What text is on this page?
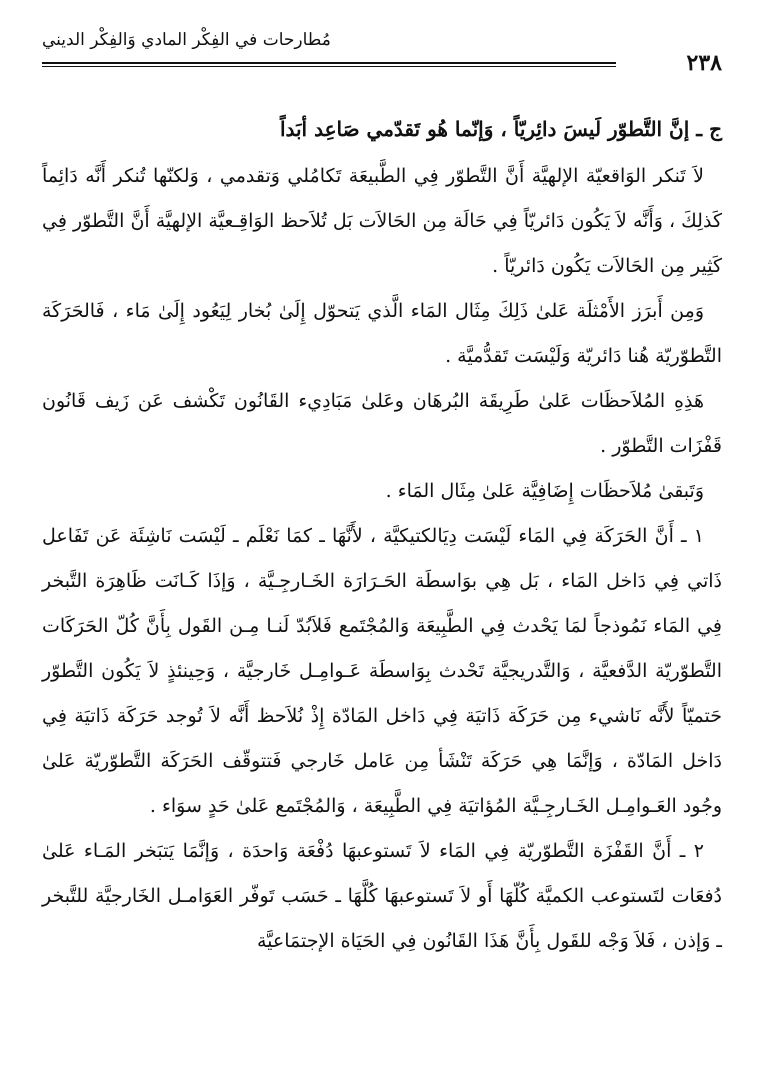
مُطارحات في الفِكْر المادي وَالفِكْر الديني
٢٣٨

ج ـ إنَّ التَّطوّر لَيسَ دائِريّاً ، وَإنّما هُو تَقدّمي صَاعِد أبَداً

لاَ تَنكر الوَاقعيّة الإلهيَّة أَنَّ التَّطوّر فِي الطَّبيعَة تَكامُلي وَتقدمي ، وَلكنّها تُنكر أَنَّه دَائِماً كَذلِكَ ، وَأَنَّه لاَ يَكُون دَائريّاً فِي حَالَة مِن الحَالاَت بَل تُلاَحظ الوَاقِـعيَّة الإلهيَّة أَنَّ التَّطوّر فِي كَثِير مِن الحَالاَت يَكُون دَائريّاً .

وَمِن أَبرَز الأَمْثلَة عَلىٰ ذَلِكَ مِثَال المَاء الَّذي يَتحوّل إِلَىٰ بُخار لِيَعُود إِلَىٰ مَاء ، فَالحَرَكَة التَّطوّريّة هُنا دَائريّة وَلَيْسَت تَقدُّميَّة .

هَذِهِ المُلاَحظَات عَلىٰ طَرِيقَة البُرهَان وعَلىٰ مَبَادِيء القَانُون تَكْشف عَن زَيف قَانُون قَفْزَات التَّطوّر .

وَتَبقىٰ مُلاَحظَات إِضَافِيَّة عَلىٰ مِثَال المَاء .

١ ـ أَنَّ الحَرَكَة فِي المَاء لَيْسَت دِيَالكتيكيَّة ، لأَنَّهَا ـ كمَا نَعْلَم ـ لَيْسَت نَاشِئَة عَن تَفَاعل ذَاتي فِي دَاخل المَاء ، بَل هِي بوَاسطَة الحَـرَارَة الخَـارجِـيَّة ، وَإذَا كَـانَت ظَاهِرَة التَّبخر فِي المَاء نَمُوذجاً لمَا يَحْدث فِي الطَّبِيعَة وَالمُجْتَمع فَلاَبُدّ لَنـا مِـن القَول بِأَنَّ كُلّ الحَرَكَات التَّطوّريّة الدَّفعيَّة ، وَالتَّدريجيَّة تَحْدث بِوَاسطَة عَـوامِـل خَارجيَّة ، وَحِينئذٍ لاَ يَكُون التَّطوّر حَتميّاً لأَنَّه نَاشيء مِن حَرَكَة ذَاتيَة فِي دَاخل المَادّة إِذْ نُلاَحظ أَنَّه لاَ تُوجد حَرَكَة ذَاتيَة فِي دَاخل المَادّة ، وَإنَّمَا هِي حَرَكَة تَنْشَأ مِن عَامل خَارجي فَتتوقّف الحَرَكَة التَّطوّريّة عَلىٰ وجُود العَـوامِـل الخَـارجِـيَّة المُؤاتيَة فِي الطَّبِيعَة ، وَالمُجْتَمع عَلىٰ حَدٍ سوَاء .

٢ ـ أَنَّ القَفْزَة التَّطوّريّة فِي المَاء لاَ تَستوعبهَا دُفْعَة وَاحدَة ، وَإنَّمَا يَتبَخر المَـاء عَلىٰ دُفعَات لتَستوعب الكميَّة كُلّهَا أَو لاَ تَستوعبهَا كُلَّهَا ـ حَسَب تَوفّر العَوَامـل الخَارجيَّة للتَّبخر ـ وَإذن ، فَلاَ وَجْه للقَول بِأَنَّ هَذَا القَانُون فِي الحَيَاة الإجتمَاعيَّة
